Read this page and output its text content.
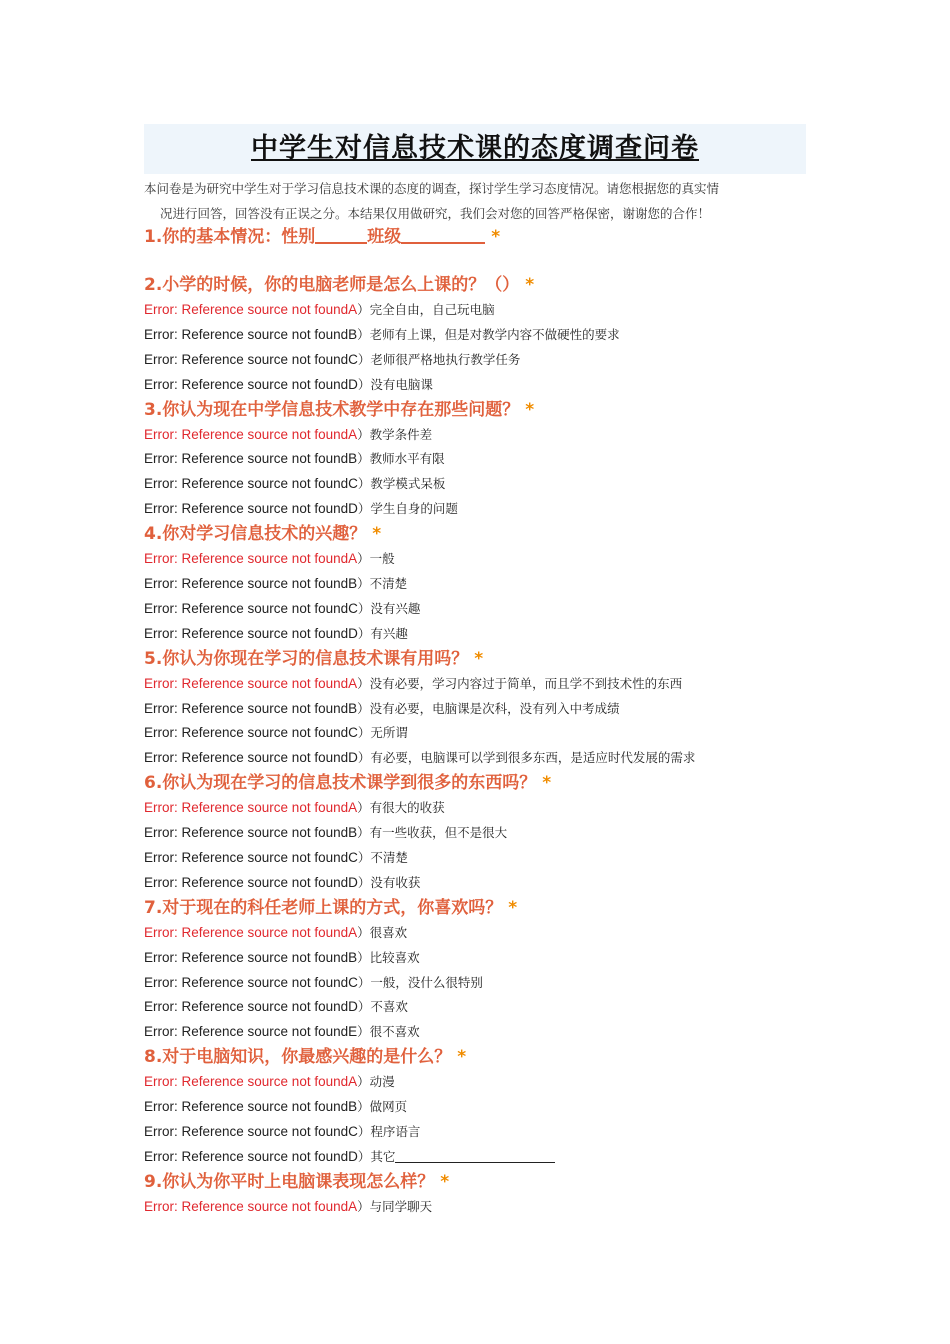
中学生对信息技术课的态度调查问卷
本问卷是为研究中学生对于学习信息技术课的态度的调查，探讨学生学习态度情况。请您根据您的真实情
况进行回答，回答没有正误之分。本结果仅用做研究，我们会对您的回答严格保密，谢谢您的合作！
1.你的基本情况：性别	班级	*
2.小学的时候，你的电脑老师是怎么上课的？（） *
Error: Reference source not foundA）完全自由，自己玩电脑
Error: Reference source not foundB）老师有上课，但是对教学内容不做硬性的要求
Error: Reference source not foundC）老师很严格地执行教学任务
Error: Reference source not foundD）没有电脑课
3.你认为现在中学信息技术教学中存在那些问题？ *
Error: Reference source not foundA）教学条件差
Error: Reference source not foundB）教师水平有限
Error: Reference source not foundC）教学模式呆板
Error: Reference source not foundD）学生自身的问题
4.你对学习信息技术的兴趣？ *
Error: Reference source not foundA）一般
Error: Reference source not foundB）不清楚
Error: Reference source not foundC）没有兴趣
Error: Reference source not foundD）有兴趣
5.你认为你现在学习的信息技术课有用吗？ *
Error: Reference source not foundA）没有必要，学习内容过于简单，而且学不到技术性的东西
Error: Reference source not foundB）没有必要，电脑课是次科，没有列入中考成绩
Error: Reference source not foundC）无所谓
Error: Reference source not foundD）有必要，电脑课可以学到很多东西，是适应时代发展的需求
6.你认为现在学习的信息技术课学到很多的东西吗？ *
Error: Reference source not foundA）有很大的收获
Error: Reference source not foundB）有一些收获，但不是很大
Error: Reference source not foundC）不清楚
Error: Reference source not foundD）没有收获
7.对于现在的科任老师上课的方式，你喜欢吗？ *
Error: Reference source not foundA）很喜欢
Error: Reference source not foundB）比较喜欢
Error: Reference source not foundC）一般，没什么很特别
Error: Reference source not foundD）不喜欢
Error: Reference source not foundE）很不喜欢
8.对于电脑知识，你最感兴趣的是什么？ *
Error: Reference source not foundA）动漫
Error: Reference source not foundB）做网页
Error: Reference source not foundC）程序语言
Error: Reference source not foundD）其它
9.你认为你平时上电脑课表现怎么样？ *
Error: Reference source not foundA）与同学聊天
